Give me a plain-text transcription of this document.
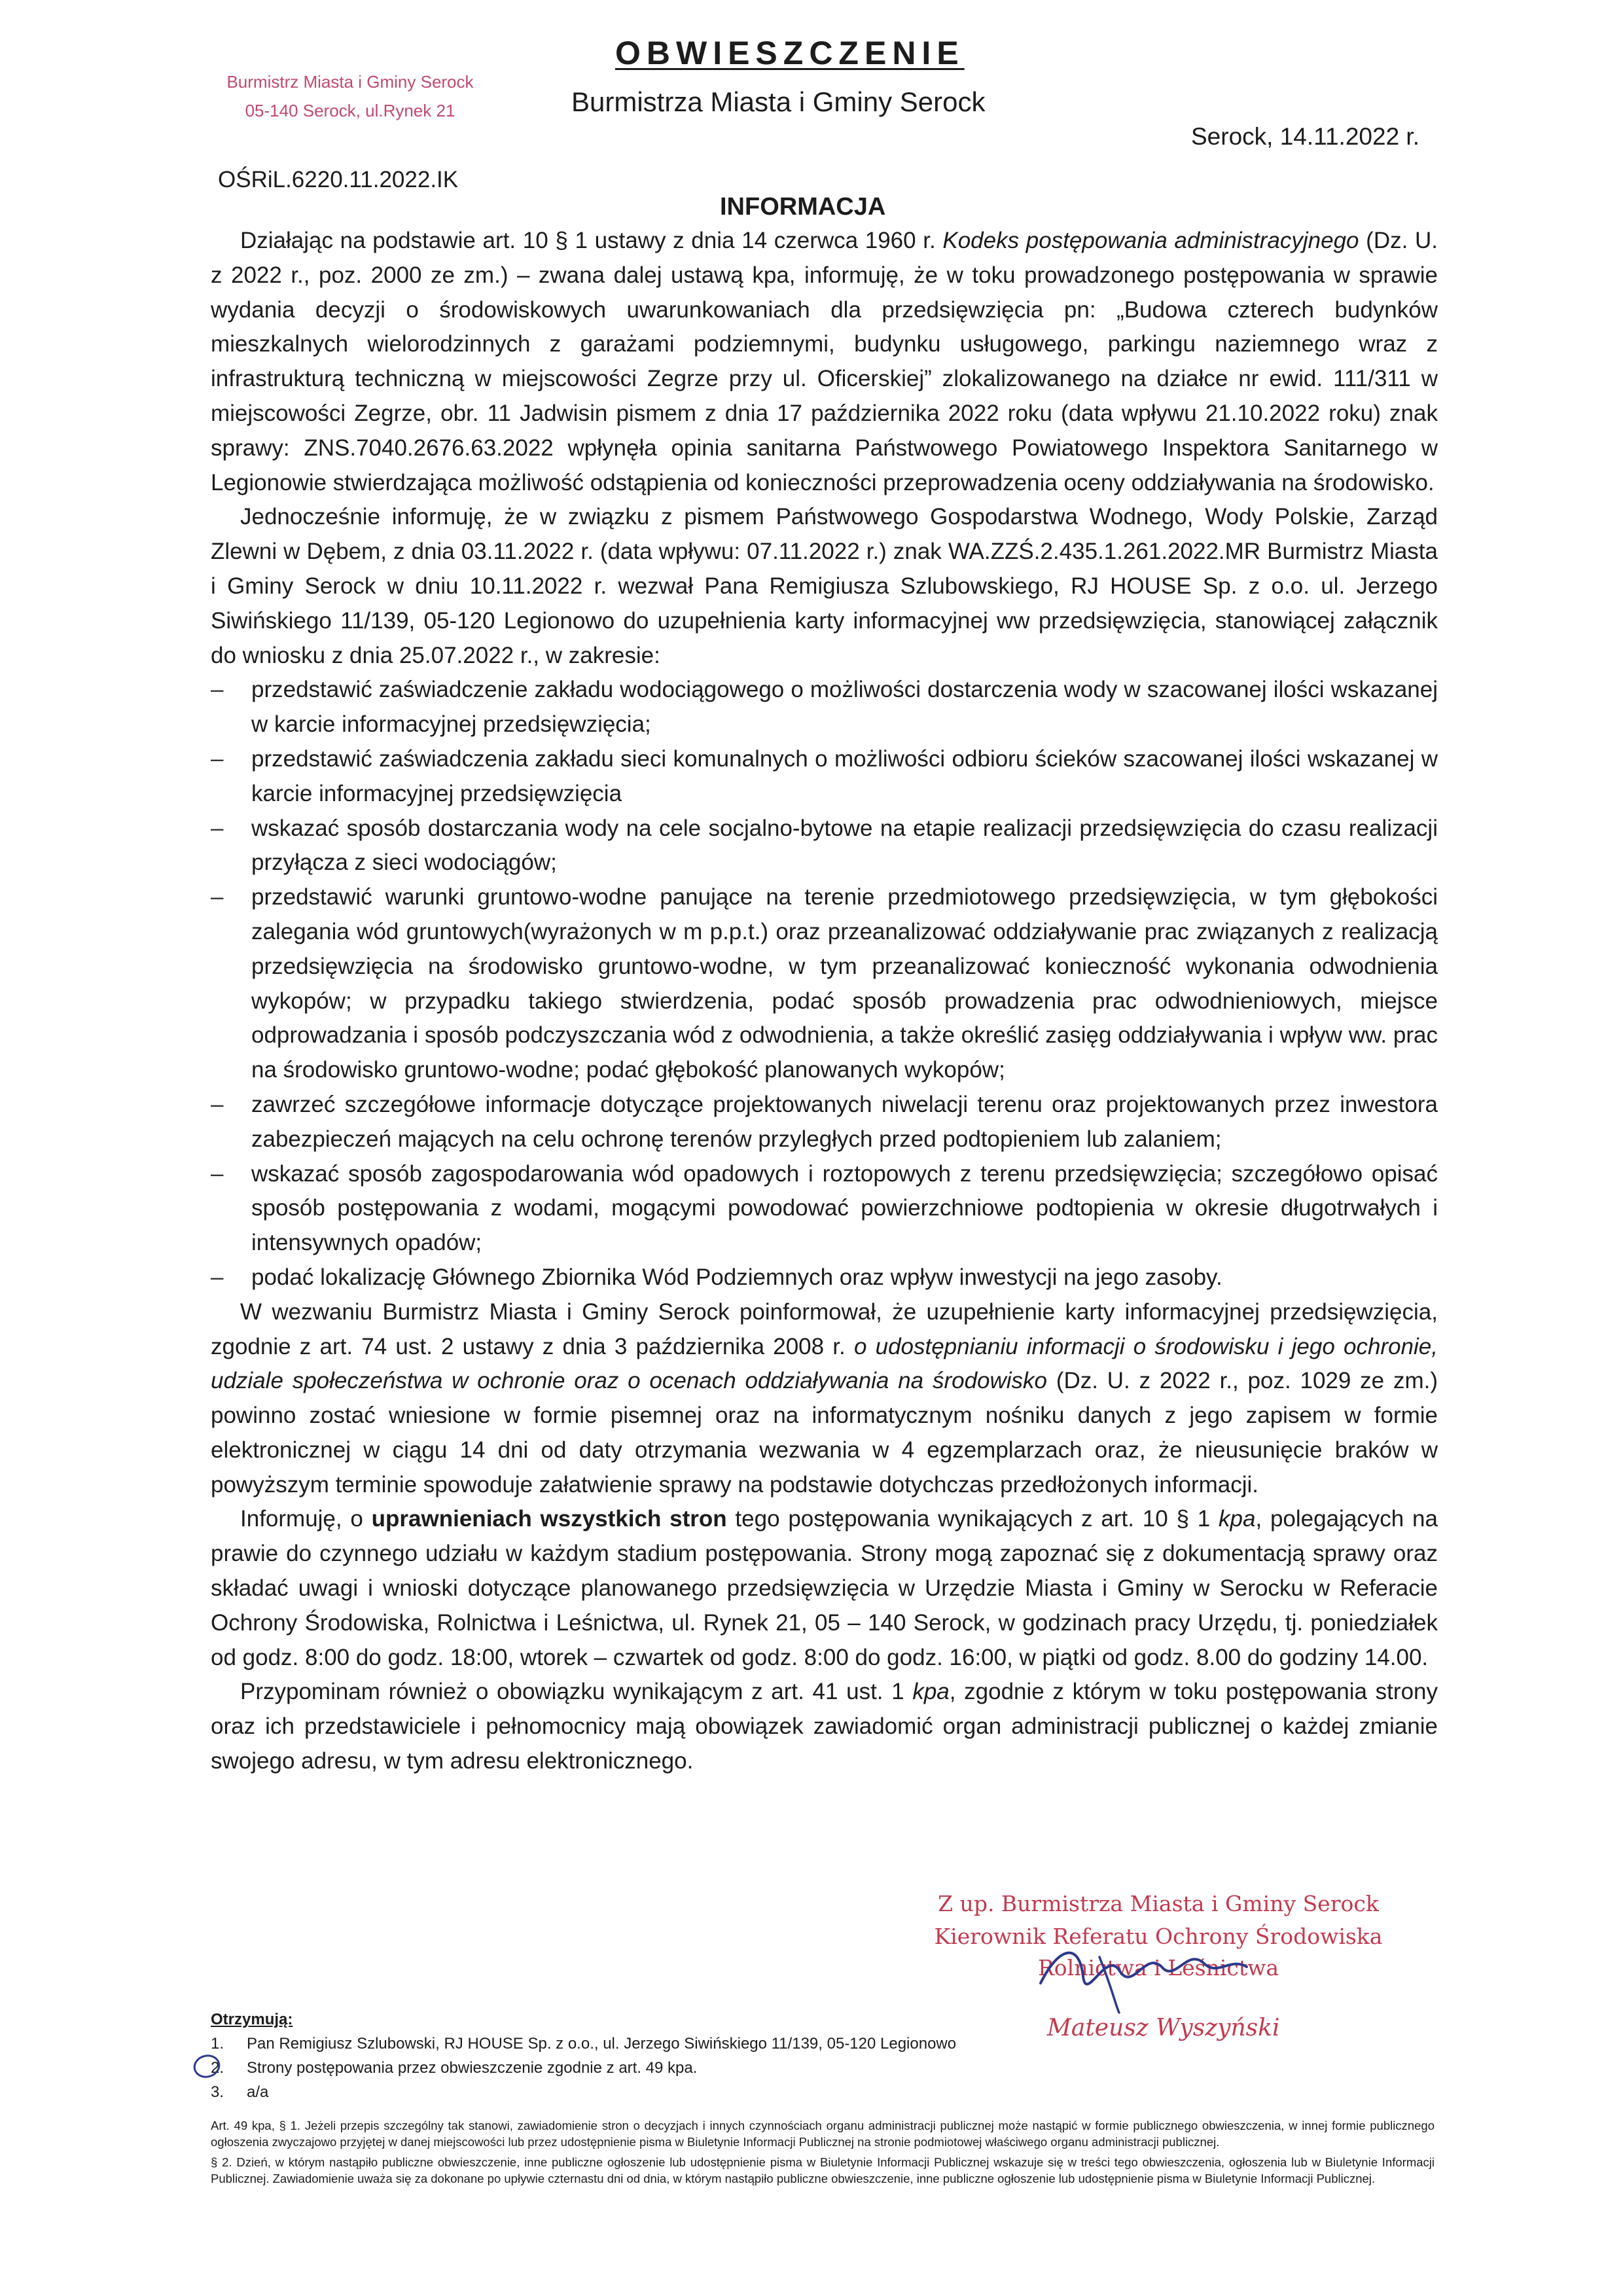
Burmistrz Miasta i Gminy Serock
05-140 Serock, ul.Rynek 21
OBWIESZCZENIE
Burmistrza Miasta i Gminy Serock
Serock, 14.11.2022 r.
OŚRiL.6220.11.2022.IK
INFORMACJA

Działając na podstawie art. 10 § 1 ustawy z dnia 14 czerwca 1960 r. Kodeks postępowania administracyjnego (Dz. U. z 2022 r., poz. 2000 ze zm.) – zwana dalej ustawą kpa, informuję, że w toku prowadzonego postępowania w sprawie wydania decyzji o środowiskowych uwarunkowaniach dla przedsięwzięcia pn: „Budowa czterech budynków mieszkalnych wielorodzinnych z garażami podziemnymi, budynku usługowego, parkingu naziemnego wraz z infrastrukturą techniczną w miejscowości Zegrze przy ul. Oficerskiej” zlokalizowanego na działce nr ewid. 111/311 w miejscowości Zegrze, obr. 11 Jadwisin pismem z dnia 17 października 2022 roku (data wpływu 21.10.2022 roku) znak sprawy: ZNS.7040.2676.63.2022 wpłynęła opinia sanitarna Państwowego Powiatowego Inspektora Sanitarnego w Legionowie stwierdzająca możliwość odstąpienia od konieczności przeprowadzenia oceny oddziaływania na środowisko.

Jednocześnie informuję, że w związku z pismem Państwowego Gospodarstwa Wodnego, Wody Polskie, Zarząd Zlewni w Dębem, z dnia 03.11.2022 r. (data wpływu: 07.11.2022 r.) znak WA.ZZŚ.2.435.1.261.2022.MR Burmistrz Miasta i Gminy Serock w dniu 10.11.2022 r. wezwał Pana Remigiusza Szlubowskiego, RJ HOUSE Sp. z o.o. ul. Jerzego Siwińskiego 11/139, 05-120 Legionowo do uzupełnienia karty informacyjnej ww przedsięwzięcia, stanowiącej załącznik do wniosku z dnia 25.07.2022 r., w zakresie:

– przedstawić zaświadczenie zakładu wodociągowego o możliwości dostarczenia wody w szacowanej ilości wskazanej w karcie informacyjnej przedsięwzięcia;
– przedstawić zaświadczenia zakładu sieci komunalnych o możliwości odbioru ścieków szacowanej ilości wskazanej w karcie informacyjnej przedsięwzięcia
– wskazać sposób dostarczania wody na cele socjalno-bytowe na etapie realizacji przedsięwzięcia do czasu realizacji przyłącza z sieci wodociągów;
– przedstawić warunki gruntowo-wodne panujące na terenie przedmiotowego przedsięwzięcia, w tym głębokości zalegania wód gruntowych(wyrażonych w m p.p.t.) oraz przeanalizować oddziaływanie prac związanych z realizacją przedsięwzięcia na środowisko gruntowo-wodne, w tym przeanalizować konieczność wykonania odwodnienia wykopów; w przypadku takiego stwierdzenia, podać sposób prowadzenia prac odwodnieniowych, miejsce odprowadzania i sposób podczyszczania wód z odwodnienia, a także określić zasięg oddziaływania i wpływ ww. prac na środowisko gruntowo-wodne; podać głębokość planowanych wykopów;
– zawrzeć szczegółowe informacje dotyczące projektowanych niwelacji terenu oraz projektowanych przez inwestora zabezpieczeń mających na celu ochronę terenów przyległych przed podtopieniem lub zalaniem;
– wskazać sposób zagospodarowania wód opadowych i roztopowych z terenu przedsięwzięcia; szczegółowo opisać sposób postępowania z wodami, mogącymi powodować powierzchniowe podtopienia w okresie długotrwałych i intensywnych opadów;
– podać lokalizację Głównego Zbiornika Wód Podziemnych oraz wpływ inwestycji na jego zasoby.

W wezwaniu Burmistrz Miasta i Gminy Serock poinformował, że uzupełnienie karty informacyjnej przedsięwzięcia, zgodnie z art. 74 ust. 2 ustawy z dnia 3 października 2008 r. o udostępnianiu informacji o środowisku i jego ochronie, udziale społeczeństwa w ochronie oraz o ocenach oddziaływania na środowisko (Dz. U. z 2022 r., poz. 1029 ze zm.) powinno zostać wniesione w formie pisemnej oraz na informatycznym nośniku danych z jego zapisem w formie elektronicznej w ciągu 14 dni od daty otrzymania wezwania w 4 egzemplarzach oraz, że nieusunięcie braków w powyższym terminie spowoduje załatwienie sprawy na podstawie dotychczas przedłożonych informacji.

Informuję, o uprawnieniach wszystkich stron tego postępowania wynikających z art. 10 § 1 kpa, polegających na prawie do czynnego udziału w każdym stadium postępowania. Strony mogą zapoznać się z dokumentacją sprawy oraz składać uwagi i wnioski dotyczące planowanego przedsięwzięcia w Urzędzie Miasta i Gminy w Serocku w Referacie Ochrony Środowiska, Rolnictwa i Leśnictwa, ul. Rynek 21, 05 – 140 Serock, w godzinach pracy Urzędu, tj. poniedziałek od godz. 8:00 do godz. 18:00, wtorek – czwartek od godz. 8:00 do godz. 16:00, w piątki od godz. 8.00 do godziny 14.00.

Przypominam również o obowiązku wynikającym z art. 41 ust. 1 kpa, zgodnie z którym w toku postępowania strony oraz ich przedstawiciele i pełnomocnicy mają obowiązek zawiadomić organ administracji publicznej o każdej zmianie swojego adresu, w tym adresu elektronicznego.

Z up. Burmistrza Miasta i Gminy Serock
Kierownik Referatu Ochrony Środowiska
Rolnictwa i Leśnictwa
Mateusz Wyszyński
Otrzymują:
1.	Pan Remigiusz Szlubowski, RJ HOUSE Sp. z o.o., ul. Jerzego Siwińskiego 11/139, 05-120 Legionowo
2.	Strony postępowania przez obwieszczenie zgodnie z art. 49 kpa.
3.	a/a

Art. 49 kpa, § 1. Jeżeli przepis szczególny tak stanowi, zawiadomienie stron o decyzjach i innych czynnościach organu administracji publicznej może nastąpić w formie publicznego obwieszczenia, w innej formie publicznego ogłoszenia zwyczajowo przyjętej w danej miejscowości lub przez udostępnienie pisma w Biuletynie Informacji Publicznej na stronie podmiotowej właściwego organu administracji publicznej.

§ 2. Dzień, w którym nastąpiło publiczne obwieszczenie, inne publiczne ogłoszenie lub udostępnienie pisma w Biuletynie Informacji Publicznej wskazuje się w treści tego obwieszczenia, ogłoszenia lub w Biuletynie Informacji Publicznej. Zawiadomienie uważa się za dokonane po upływie czternastu dni od dnia, w którym nastąpiło publiczne obwieszczenie, inne publiczne ogłoszenie lub udostępnienie pisma w Biuletynie Informacji Publicznej.
